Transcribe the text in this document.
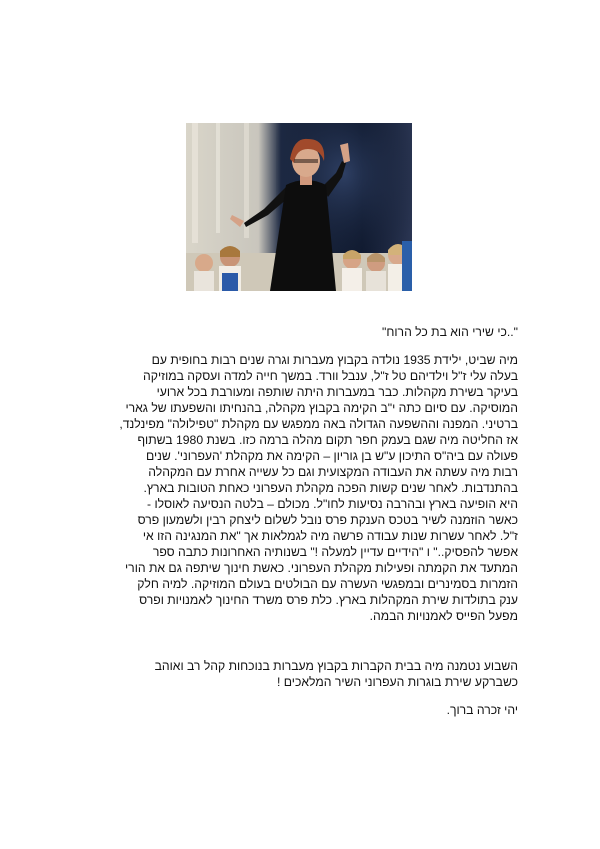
"..כי שירי הוא בת כל הרוח"

מיה שביט, ילידת 1935 נולדה בקבוץ מעברות וגרה שנים רבות בחופית עם

בעלה עלי ז"ל וילדיהם טל ז"ל, ענבל וורד. במשך חייה למדה ועסקה במוזיקה

בעיקר בשירת מקהלות. כבר במעברות היתה שותפה ומעורבת בכל ארועי

המוסיקה. עם סיום כתה י"ב הקימה בקבוץ מקהלה, בהנחיתו והשפעתו של גארי

ברטיני. המפנה וההשפעה הגדולה באה ממפגש עם מקהלת "טפילולה" מפינלנד,

אז החליטה מיה שגם בעמק חפר תקום מהלה ברמה כזו. בשנת 1980 בשתוף

פעולה עם ביה"ס התיכון ע"ש בן גוריון – הקימה את מקהלת 'העפרוני'. שנים

רבות מיה עשתה את העבודה המקצועית וגם כל עשייה אחרת עם המקהלה

בהתנדבות. לאחר שנים קשות הפכה מקהלת העפרוני כאחת הטובות בארץ.

היא הופיעה בארץ ובהרבה נסיעות לחו"ל. מכולם – בלטה הנסיעה לאוסלו -

כאשר הוזמנה לשיר בטכס הענקת פרס נובל לשלום ליצחק רבין ולשמעון פרס

ז"ל. לאחר עשרות שנות עבודה פרשה מיה לגמלאות אך "את המנגינה הזו אי

אפשר להפסיק.." ו "הידיים עדיין למעלה !" בשנותיה האחרונות כתבה ספר

המתעד את הקמתה ופעילות מקהלת העפרוני. כאשת חינוך שיתפה גם את הורי

הזמרות בסמינרים ובמפגשי העשרה עם הבולטים בעולם המוזיקה. למיה חלק

ענק בתולדות שירת המקהלות בארץ. כלת פרס משרד החינוך לאמנויות ופרס

מפעל הפייס לאמנויות הבמה.

השבוע נטמנה מיה בבית הקברות בקבוץ מעברות בנוכחות קהל רב ואוהב

כשברקע שירת בוגרות העפרוני השיר המלאכים !

יהי זכרה ברוך.
